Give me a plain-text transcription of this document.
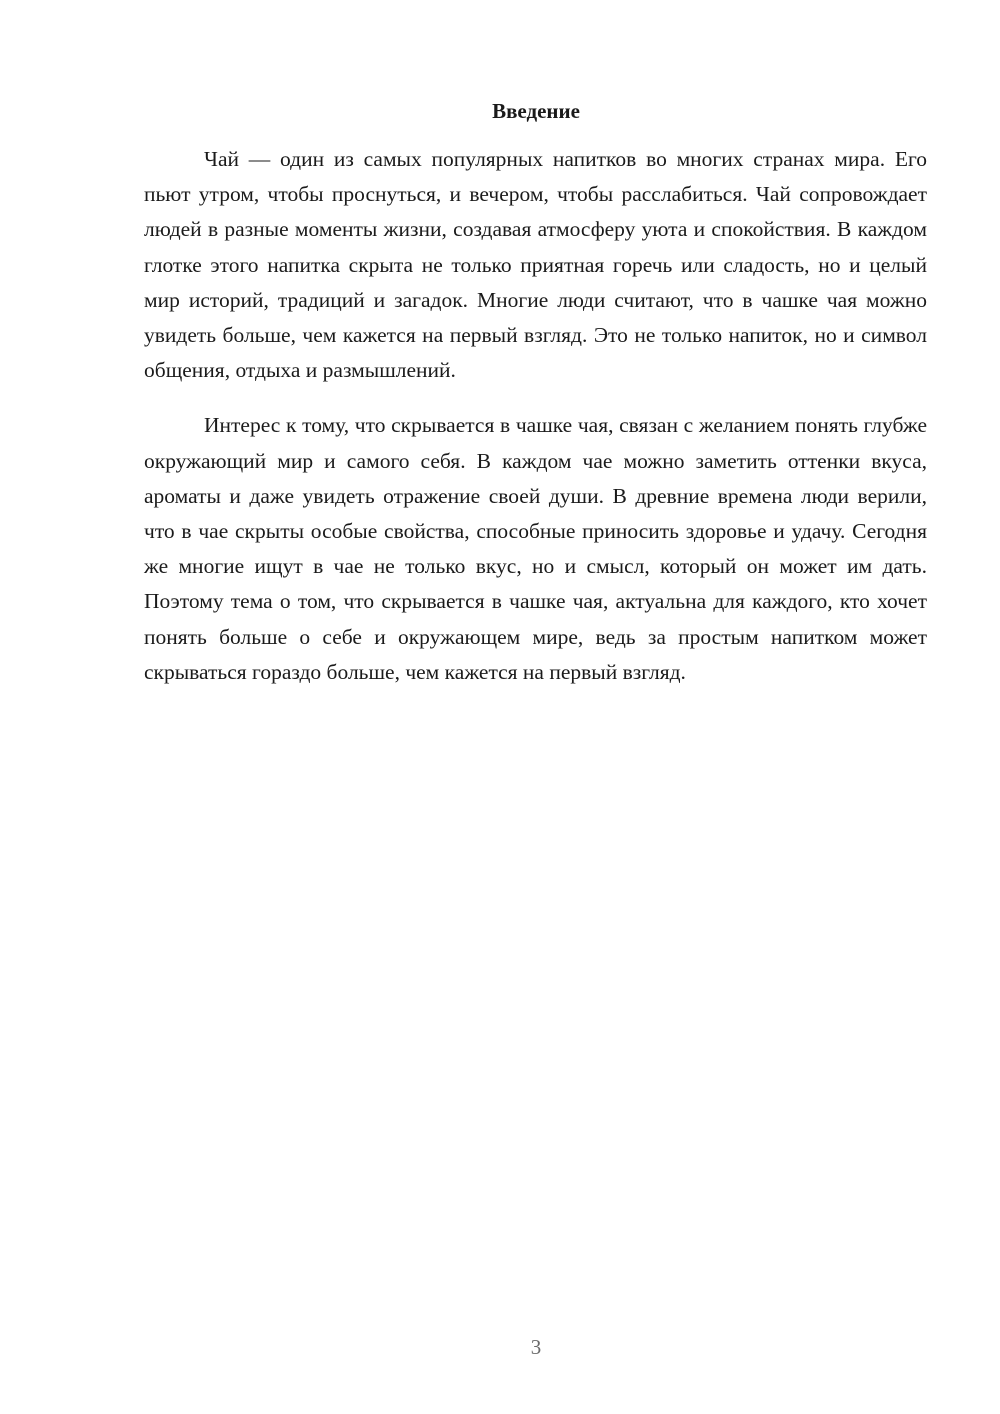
Введение

Чай — один из самых популярных напитков во многих странах мира. Его пьют утром, чтобы проснуться, и вечером, чтобы расслабиться. Чай сопровождает людей в разные моменты жизни, создавая атмосферу уюта и спокойствия. В каждом глотке этого напитка скрыта не только приятная горечь или сладость, но и целый мир историй, традиций и загадок. Многие люди считают, что в чашке чая можно увидеть больше, чем кажется на первый взгляд. Это не только напиток, но и символ общения, отдыха и размышлений.

Интерес к тому, что скрывается в чашке чая, связан с желанием понять глубже окружающий мир и самого себя. В каждом чае можно заметить оттенки вкуса, ароматы и даже увидеть отражение своей души. В древние времена люди верили, что в чае скрыты особые свойства, способные приносить здоровье и удачу. Сегодня же многие ищут в чае не только вкус, но и смысл, который он может им дать. Поэтому тема о том, что скрывается в чашке чая, актуальна для каждого, кто хочет понять больше о себе и окружающем мире, ведь за простым напитком может скрываться гораздо больше, чем кажется на первый взгляд.

3
